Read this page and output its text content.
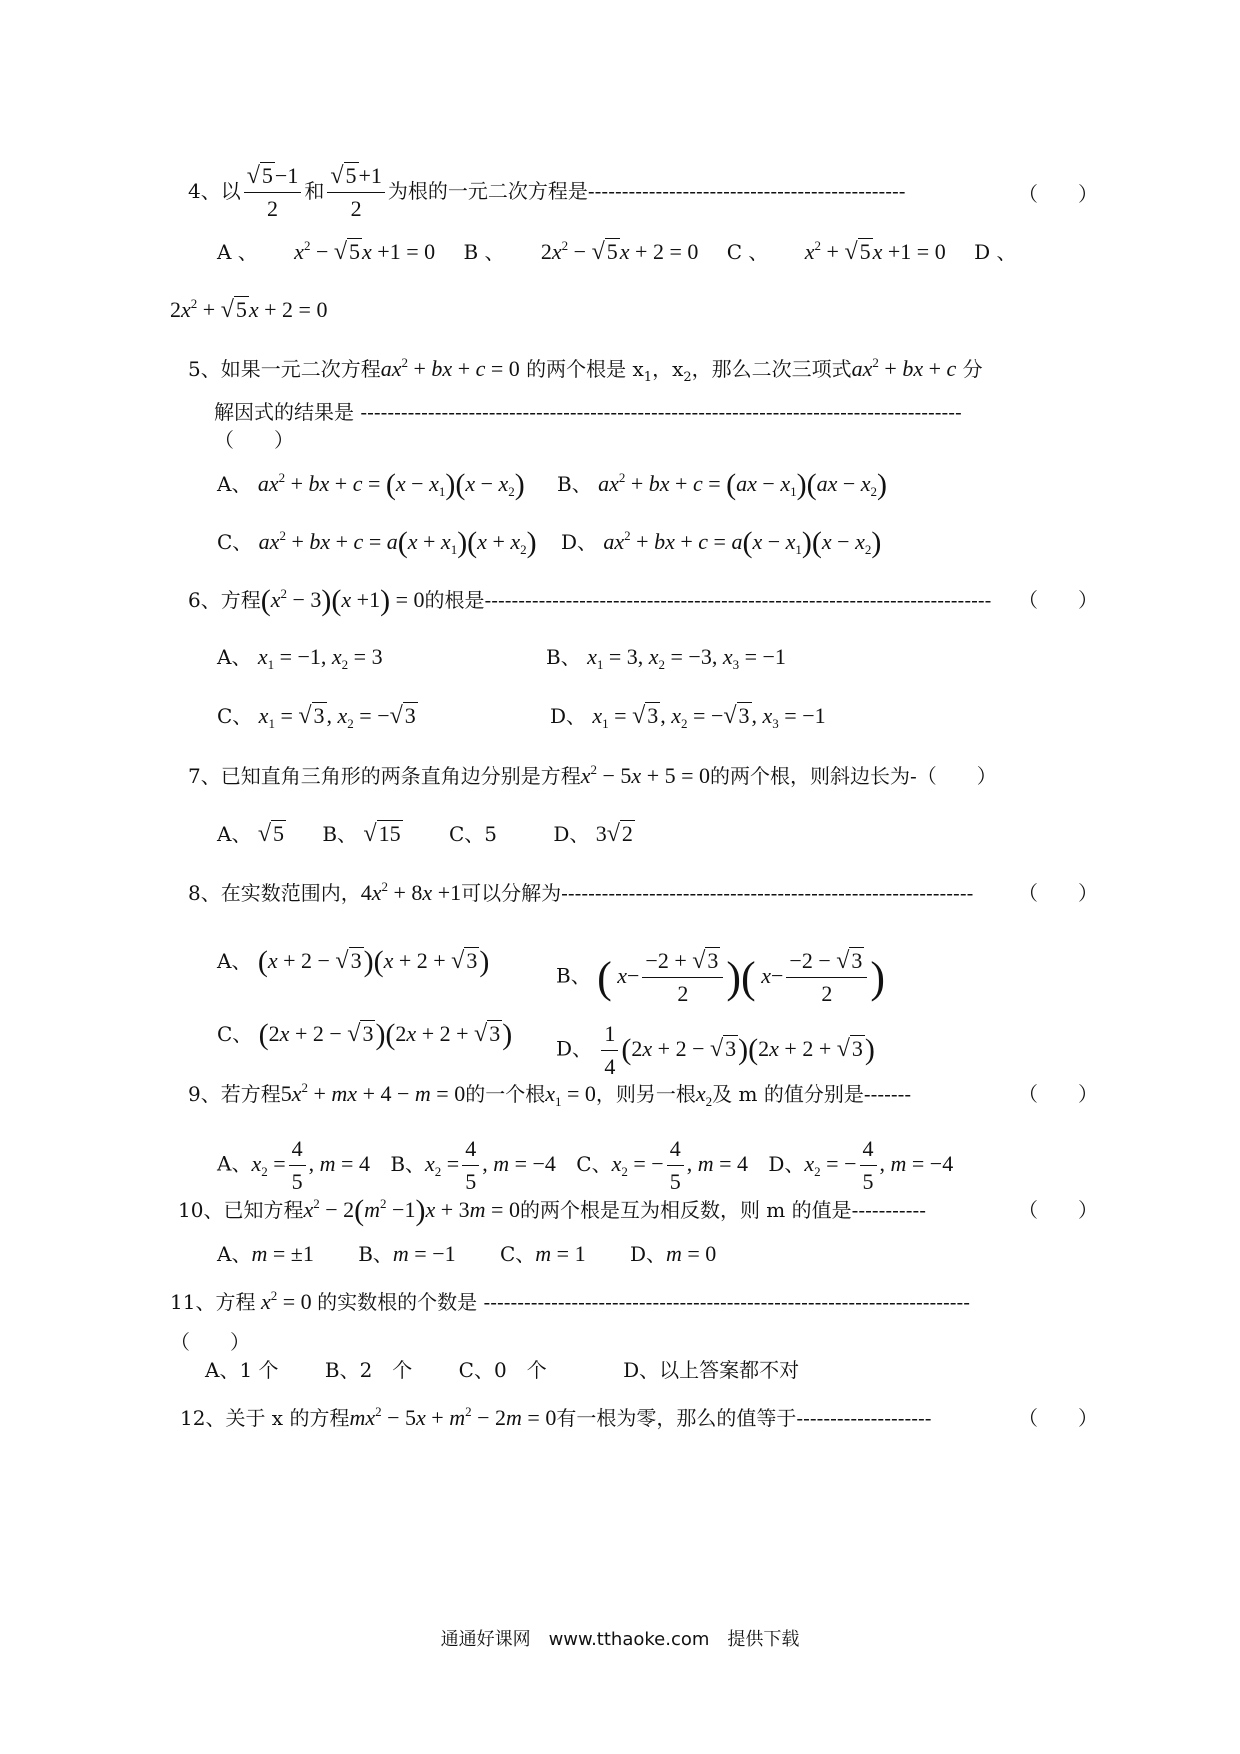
4、以 $\frac{√5-1}{2}$ 和 $\frac{√5+1}{2}$ 为根的一元二次方程是-----------------------------------------------	（　　）
A 、 $x^2 - √5x +1 = 0$ B 、 $2x^2 - √5x + 2 = 0$ C 、 $x^2 + √5x +1 = 0$ D 、
$2x^2 + √5x + 2 = 0$
5、如果一元二次方程$ax^2$ + bx + c = 0 的两个根是 $x_1$，$x_2$，那么二次三项式$ax^2$ + bx + c 分
解因式的结果是 -----------------------------------------------------------------------------------------
（　　）
A、 $ax^2$ + bx + $c = (x - x_1)(x - x_2)$ B、 $ax^2$ + bx + $c = (ax - x_1)(ax - x_2)$
C、 $ax^2$ + bx + $c = a(x + x_1)(x + x_2)$ D、 $ax^2$ + bx + $c = a(x - x_1)(x - x_2)$
6、方程$(x^2 - 3)(x +1) = 0$的根是--------------------------------------------------------------------------- （　　）
A、 $x_1 = -1$, $x_2 = 3$	B、 $x_1 = 3$, $x_2 = -3$, $x_3 = -1$
C、 $x_1 = √3$, $x_2 = -√3$	D、 $x_1 = √3$, $x_2 = -√3$, $x_3 = -1$
7、已知直角三角形的两条直角边分别是方程$x^2 - 5x + 5 = 0$的两个根，则斜边长为-（　　）
A、 √5 B、 √15 C、5	D、 3√2
8、在实数范围内，$4x^2 + 8x +1$可以分解为------------------------------------------------------------- （　　）
A、 (x + 2 − √3)(x + 2 + √3)	B、 ( $x- \frac{-2 + √3}{2}$ )( $x- \frac{-2 - √3}{2}$ )
C、 (2x + 2 − √3)(2x + 2 + √3) D、 $\frac{1}{4} (2x + 2 - √3)(2x + 2 + √3)$
9、若方程$5x^2$ + mx + 4 − m = 0的一个根$x_1 = 0$，则另一根$x_2$及 m 的值分别是-------	（　　）
A、$x_2 = \frac{4}{5}$ , m = 4 B、$x_2 = \frac{4}{5}$ , m = −4 C、$x_2$ = − $\frac{4}{5}$ , m = 4 D、$x_2$ = − $\frac{4}{5}$ , m = −4
10、已知方程$x^2 - 2(m^2 -1)x + 3m = 0$的两个根是互为相反数，则 m 的值是-----------	（　　）
A、m = ±1 B、m = −1 C、m = 1 D、m = 0
11、方程 $x^2 = 0$ 的实数根的个数是 ------------------------------------------------------------------------
（　　）
A、1 个 B、2　个 C、0　个	D、以上答案都不对
12、关于 x 的方程$mx^2 - 5x + m^2 - 2m = 0$有一根为零，那么的值等于--------------------	（　　）
通通好课网　www.tthaoke.com　提供下载
